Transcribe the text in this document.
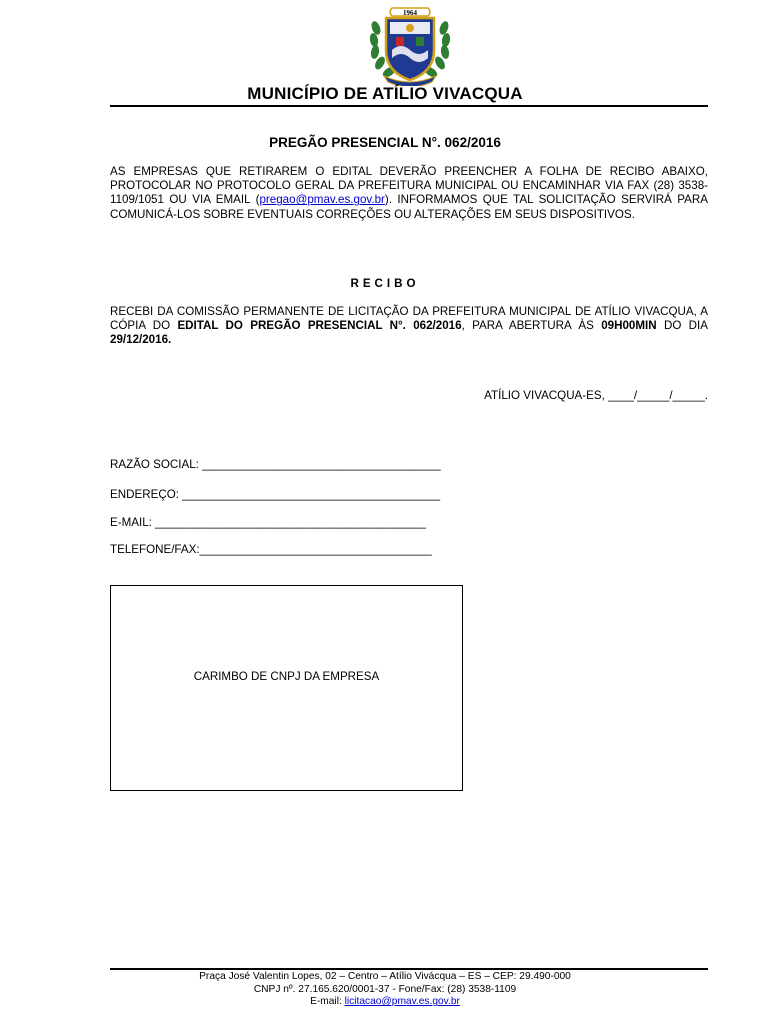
1964
MUNICÍPIO DE ATÍLIO VIVACQUA
PREGÃO PRESENCIAL N°. 062/2016
AS EMPRESAS QUE RETIRAREM O EDITAL DEVERÃO PREENCHER A FOLHA DE RECIBO ABAIXO, PROTOCOLAR NO PROTOCOLO GERAL DA PREFEITURA MUNICIPAL OU ENCAMINHAR VIA FAX (28) 3538-1109/1051 OU VIA EMAIL (pregao@pmav.es.gov.br). INFORMAMOS QUE TAL SOLICITAÇÃO SERVIRÁ PARA COMUNICÁ-LOS SOBRE EVENTUAIS CORREÇÕES OU ALTERAÇÕES EM SEUS DISPOSITIVOS.
RECIBO
RECEBI DA COMISSÃO PERMANENTE DE LICITAÇÃO DA PREFEITURA MUNICIPAL DE ATÍLIO VIVACQUA, A CÓPIA DO EDITAL DO PREGÃO PRESENCIAL N°. 062/2016, PARA ABERTURA ÀS 09H00MIN DO DIA 29/12/2016.
ATÍLIO VIVACQUA-ES, ____/_____/_____.
RAZÃO SOCIAL: _____________________________________
ENDEREÇO: ________________________________________
E-MAIL: __________________________________________
TELEFONE/FAX:____________________________________
CARIMBO DE CNPJ DA EMPRESA
Praça José Valentin Lopes, 02 – Centro – Atílio Vivácqua – ES – CEP: 29.490-000
CNPJ nº. 27.165.620/0001-37 - Fone/Fax: (28) 3538-1109
E-mail: licitacao@pmav.es.gov.br
